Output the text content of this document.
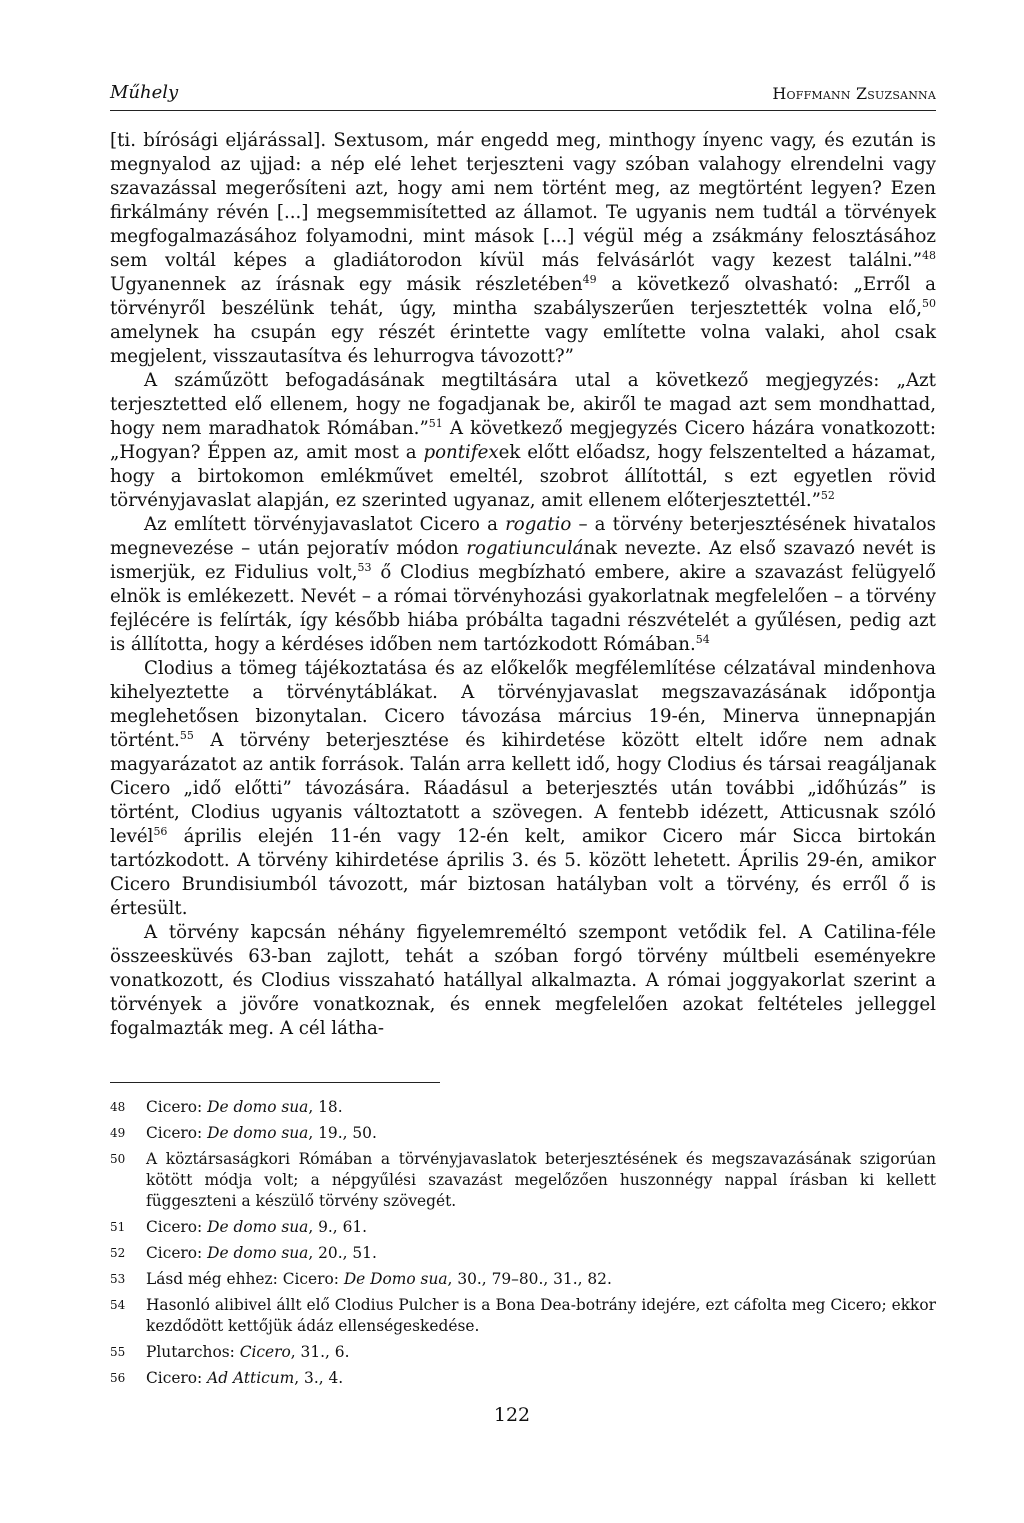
Műhely	Hoffmann Zsuzsanna

[ti. bírósági eljárással]. Sextusom, már engedd meg, minthogy ínyenc vagy, és ezután is megnyalod az ujjad: a nép elé lehet terjeszteni vagy szóban valahogy elrendelni vagy szavazással megerősíteni azt, hogy ami nem történt meg, az megtörtént legyen? Ezen firkálmány révén [...] megsemmisítetted az államot. Te ugyanis nem tudtál a törvények megfogalmazásához folyamodni, mint mások [...] végül még a zsákmány felosztásához sem voltál képes a gladiátorodon kívül más felvásárlót vagy kezest találni.”$^{48}$ Ugyanennek az írásnak egy másik részletében$^{49}$ a következő olvasható: „Erről a törvényről beszélünk tehát, úgy, mintha szabályszerűen terjesztették volna elő,$^{50}$ amelynek ha csupán egy részét érintette vagy említette volna valaki, ahol csak megjelent, visszautasítva és lehurrogva távozott?”

A száműzött befogadásának megtiltására utal a következő megjegyzés: „Azt terjesztetted elő ellenem, hogy ne fogadjanak be, akiről te magad azt sem mondhattad, hogy nem maradhatok Rómában.”$^{51}$ A következő megjegyzés Cicero házára vonatkozott: „Hogyan? Éppen az, amit most a pontifexek előtt előadsz, hogy felszentelted a házamat, hogy a birtokomon emlékművet emeltél, szobrot állítottál, s ezt egyetlen rövid törvényjavaslat alapján, ez szerinted ugyanaz, amit ellenem előterjesztettél.”$^{52}$

Az említett törvényjavaslatot Cicero a rogatio – a törvény beterjesztésének hivatalos megnevezése – után pejoratív módon rogatiunculának nevezte. Az első szavazó nevét is ismerjük, ez Fidulius volt,$^{53}$ ő Clodius megbízható embere, akire a szavazást felügyelő elnök is emlékezett. Nevét – a római törvényhozási gyakorlatnak megfelelően – a törvény fejlécére is felírták, így később hiába próbálta tagadni részvételét a gyűlésen, pedig azt is állította, hogy a kérdéses időben nem tartózkodott Rómában.$^{54}$

Clodius a tömeg tájékoztatása és az előkelők megfélemlítése célzatával mindenhova kihelyeztette a törvénytáblákat. A törvényjavaslat megszavazásának időpontja meglehetősen bizonytalan. Cicero távozása március 19-én, Minerva ünnepnapján történt.$^{55}$ A törvény beterjesztése és kihirdetése között eltelt időre nem adnak magyarázatot az antik források. Talán arra kellett idő, hogy Clodius és társai reagáljanak Cicero „idő előtti” távozására. Ráadásul a beterjesztés után további „időhúzás” is történt, Clodius ugyanis változtatott a szövegen. A fentebb idézett, Atticusnak szóló levél$^{56}$ április elején 11-én vagy 12-én kelt, amikor Cicero már Sicca birtokán tartózkodott. A törvény kihirdetése április 3. és 5. között lehetett. Április 29-én, amikor Cicero Brundisiumból távozott, már biztosan hatályban volt a törvény, és erről ő is értesült.

A törvény kapcsán néhány figyelemreméltó szempont vetődik fel. A Catilina-féle összeesküvés 63-ban zajlott, tehát a szóban forgó törvény múltbeli eseményekre vonatkozott, és Clodius visszaható hatállyal alkalmazta. A római joggyakorlat szerint a törvények a jövőre vonatkoznak, és ennek megfelelően azokat feltételes jelleggel fogalmazták meg. A cél látha-

48 Cicero: De domo sua, 18.
49 Cicero: De domo sua, 19., 50.
50 A köztársaságkori Rómában a törvényjavaslatok beterjesztésének és megszavazásának szigorúan kötött módja volt; a népgyűlési szavazást megelőzően huszonnégy nappal írásban ki kellett függeszteni a készülő törvény szövegét.
51 Cicero: De domo sua, 9., 61.
52 Cicero: De domo sua, 20., 51.
53 Lásd még ehhez: Cicero: De Domo sua, 30., 79–80., 31., 82.
54 Hasonló alibivel állt elő Clodius Pulcher is a Bona Dea-botrány idejére, ezt cáfolta meg Cicero; ekkor kezdődött kettőjük ádáz ellenségeskedése.
55 Plutarchos: Cicero, 31., 6.
56 Cicero: Ad Atticum, 3., 4.
122
